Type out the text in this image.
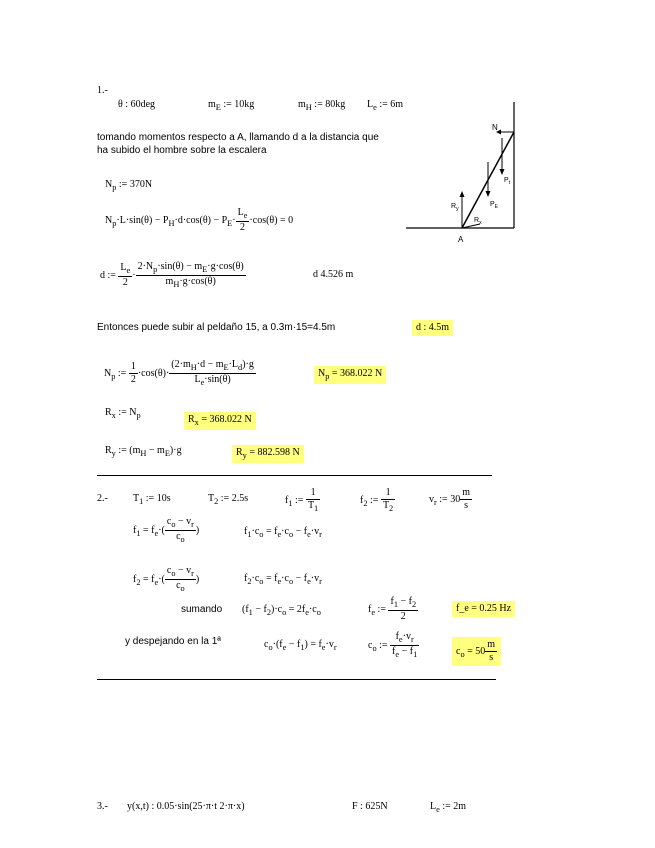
1.-
θ : 60deg	$m_E$ := 10kg	$m_H$ := 80kg $L_e$ := 6m
tomando momentos respecto a A, llamando d a la distancia que
ha subido el hombre sobre la escalera
$N_p$ := 370N
$N_p\cdot L\cdot\sin(\theta) - P_H\cdot d\cdot\cos(\theta) - P_E\cdot \frac{L_e}{2} \cdot\cos(\theta) = 0$
d := $\frac{L_e}{2} \cdot \frac{2\cdot N_p\cdot\sin(\theta) - m_E\cdot g\cdot\cos(\theta)}{m_H\cdot g\cdot\cos(\theta)}$	d 4.526 m
N
$P_t$
$P_E$
$R_y$
$R_x$
A
Entonces puede subir al peldaño 15, a 0.3m·15=4.5m	d : 4.5m
$N_p$ := $\frac{1}{2} \cdot\cos(\theta)\cdot \frac{(2\cdot m_H\cdot d - m_E\cdot L_d)\cdot g}{L_e\cdot\sin(\theta)}$	$N_p = 368.022$ N
$R_x$ := $N_p$	$R_x = 368.022$ N
$R_y$ := $(m_H - m_E)\cdot g$	$R_y = 882.598$ N
2.-	$T_1$ := 10s	$T_2$ := 2.5s	$f_1$ := $\frac{1}{T_1}$	$f_2$ := $\frac{1}{T_2}$	$v_r$ := $30 \frac{m}{s}$
$f_1 = f_e\cdot( \frac{c_o - v_r}{c_o}$ )	$f_1\cdot c_o = f_e\cdot c_o - f_e\cdot v_r$
$f_2 = f_e\cdot( \frac{c_o - v_r}{c_o}$ )	$f_2\cdot c_o = f_e\cdot c_o - f_e\cdot v_r$
sumando $(f_1 - f_2)\cdot c_o = 2f_e\cdot c_o$	$f_e$ := $\frac{f_1 - f_2}{2}$	f_e = 0.25 Hz
y despejando en la 1ª	$c_o\cdot(f_e - f_1) = f_e\cdot v_r$	$c_o$ := $\frac{f_e\cdot v_r}{f_e - f_1}$	$c_o = 50 \frac{m}{s}$
3.- y(x,t) : 0.05·sin(25·π·t 2·π·x)	F : 625N	$L_e$ := 2m
